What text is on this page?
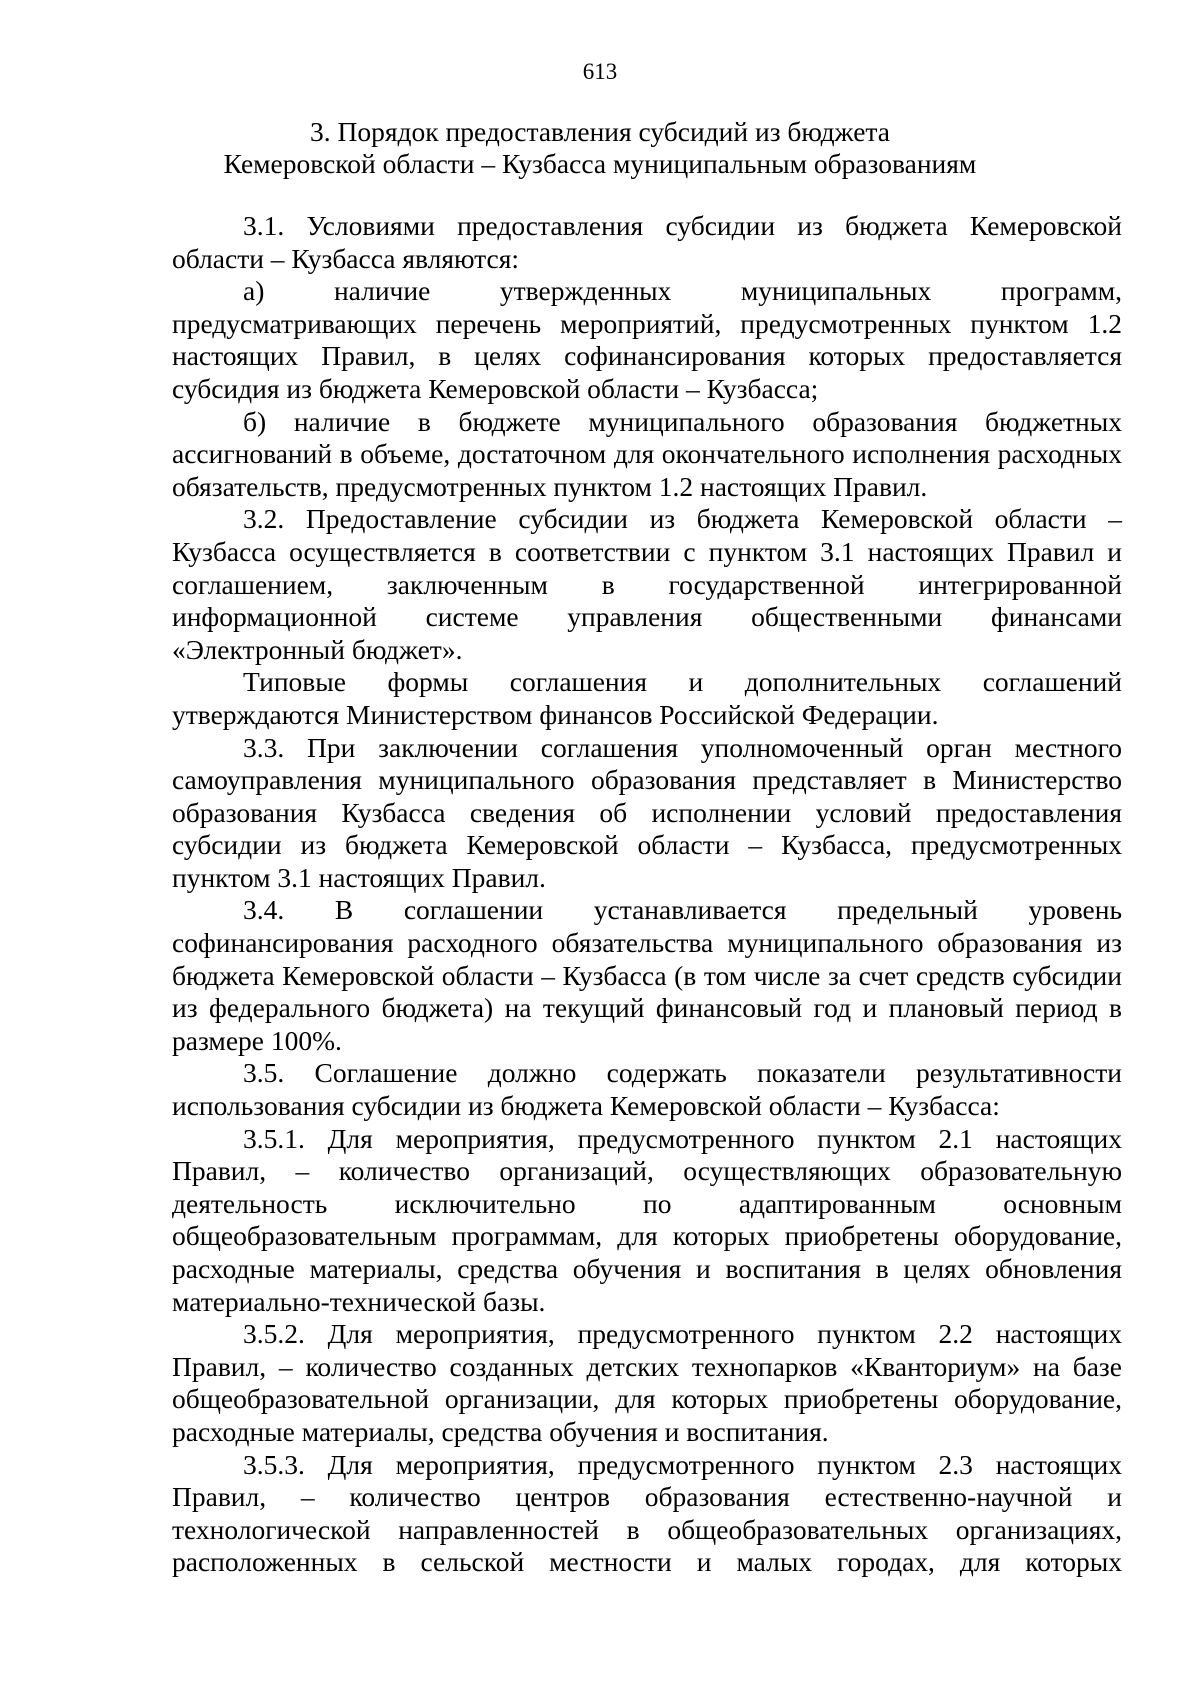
613
3. Порядок предоставления субсидий из бюджета
Кемеровской области – Кузбасса муниципальным образованиям

3.1. Условиями предоставления субсидии из бюджета Кемеровской области – Кузбасса являются:

а) наличие утвержденных муниципальных программ, предусматривающих перечень мероприятий, предусмотренных пунктом 1.2 настоящих Правил, в целях софинансирования которых предоставляется субсидия из бюджета Кемеровской области – Кузбасса;

б) наличие в бюджете муниципального образования бюджетных ассигнований в объеме, достаточном для окончательного исполнения расходных обязательств, предусмотренных пунктом 1.2 настоящих Правил.

3.2. Предоставление субсидии из бюджета Кемеровской области – Кузбасса осуществляется в соответствии с пунктом 3.1 настоящих Правил и соглашением, заключенным в государственной интегрированной информационной системе управления общественными финансами «Электронный бюджет».

Типовые формы соглашения и дополнительных соглашений утверждаются Министерством финансов Российской Федерации.

3.3. При заключении соглашения уполномоченный орган местного самоуправления муниципального образования представляет в Министерство образования Кузбасса сведения об исполнении условий предоставления субсидии из бюджета Кемеровской области – Кузбасса, предусмотренных пунктом 3.1 настоящих Правил.

3.4. В соглашении устанавливается предельный уровень софинансирования расходного обязательства муниципального образования из бюджета Кемеровской области – Кузбасса (в том числе за счет средств субсидии из федерального бюджета) на текущий финансовый год и плановый период в размере 100%.

3.5. Соглашение должно содержать показатели результативности использования субсидии из бюджета Кемеровской области – Кузбасса:

3.5.1. Для мероприятия, предусмотренного пунктом 2.1 настоящих Правил, – количество организаций, осуществляющих образовательную деятельность исключительно по адаптированным основным общеобразовательным программам, для которых приобретены оборудование, расходные материалы, средства обучения и воспитания в целях обновления материально-технической базы.

3.5.2. Для мероприятия, предусмотренного пунктом 2.2 настоящих Правил, – количество созданных детских технопарков «Кванториум» на базе общеобразовательной организации, для которых приобретены оборудование, расходные материалы, средства обучения и воспитания.

3.5.3. Для мероприятия, предусмотренного пунктом 2.3 настоящих Правил, – количество центров образования естественно-научной и технологической направленностей в общеобразовательных организациях, расположенных в сельской местности и малых городах, для которых
